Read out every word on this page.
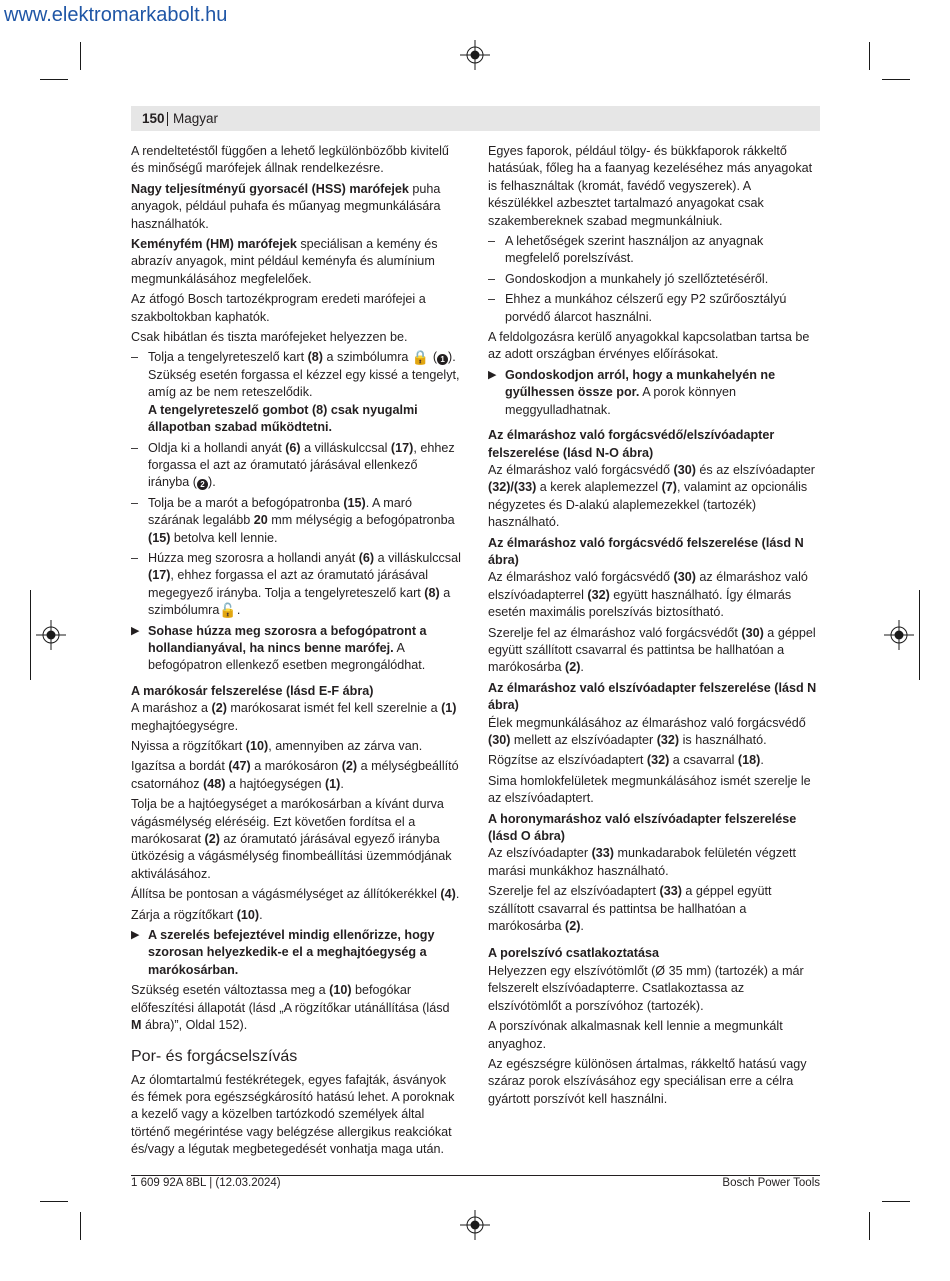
www.elektromarkabolt.hu
150 Magyar

A rendeltetéstől függően a lehető legkülönbözőbb kivitelű és minőségű marófejek állnak rendelkezésre.

Nagy teljesítményű gyorsacél (HSS) marófejek puha anyagok, például puhafa és műanyag megmunkálására használhatók.

Keményfém (HM) marófejek speciálisan a kemény és abrazív anyagok, mint például keményfa és alumínium megmunkálásához megfelelőek.

Az átfogó Bosch tartozékprogram eredeti marófejei a szakboltokban kaphatók.

Csak hibátlan és tiszta marófejeket helyezzen be.

– Tolja a tengelyreteszelő kart (8) a szimbólumra 🔒 ( 1 ). Szükség esetén forgassa el kézzel egy kissé a tengelyt, amíg az be nem reteszelődik.
A tengelyreteszelő gombot (8) csak nyugalmi állapotban szabad működtetni.
– Oldja ki a hollandi anyát (6) a villáskulccsal (17), ehhez forgassa el azt az óramutató járásával ellenkező irányba ( 2 ).
– Tolja be a marót a befogópatronba (15). A maró szárának legalább 20 mm mélységig a befogópatronba (15) betolva kell lennie.
– Húzza meg szorosra a hollandi anyát (6) a villáskulccsal (17), ehhez forgassa el azt az óramutató járásával megegyező irányba. Tolja a tengelyreteszelő kart (8) a szimbólumra🔓.
▶ Sohase húzza meg szorosra a befogópatront a hollandianyával, ha nincs benne marófej. A befogópatron ellenkező esetben megrongálódhat.
A marókosár felszerelése (lásd E-F ábra)

A maráshoz a (2) marókosarat ismét fel kell szerelnie a (1) meghajtóegységre.

Nyissa a rögzítőkart (10), amennyiben az zárva van.

Igazítsa a bordát (47) a marókosáron (2) a mélységbeállító csatornához (48) a hajtóegységen (1).

Tolja be a hajtóegységet a marókosárban a kívánt durva vágásmélység eléréséig. Ezt követően fordítsa el a marókosarat (2) az óramutató járásával egyező irányba ütközésig a vágásmélység finombeállítási üzemmódjának aktiválásához.

Állítsa be pontosan a vágásmélységet az állítókerékkel (4).

Zárja a rögzítőkart (10).

▶ A szerelés befejeztével mindig ellenőrizze, hogy szorosan helyezkedik-e el a meghajtóegység a marókosárban.

Szükség esetén változtassa meg a (10) befogókar előfeszítési állapotát (lásd „A rögzítőkar utánállítása (lásd M ábra)”, Oldal 152).

Por- és forgácselszívás

Az ólomtartalmú festékrétegek, egyes fafajták, ásványok és fémek pora egészségkárosító hatású lehet. A poroknak a kezelő vagy a közelben tartózkodó személyek által történő megérintése vagy belégzése allergikus reakciókat és/vagy a légutak megbetegedését vonhatja maga után.

Egyes faporok, például tölgy- és bükkfaporok rákkeltő hatásúak, főleg ha a faanyag kezeléséhez más anyagokat is felhasználtak (kromát, favédő vegyszerek). A készülékkel azbesztet tartalmazó anyagokat csak szakembereknek szabad megmunkálniuk.

– A lehetőségek szerint használjon az anyagnak megfelelő porelszívást.
– Gondoskodjon a munkahely jó szellőztetéséről.
– Ehhez a munkához célszerű egy P2 szűrőosztályú porvédő álarcot használni.

A feldolgozásra kerülő anyagokkal kapcsolatban tartsa be az adott országban érvényes előírásokat.

▶ Gondoskodjon arról, hogy a munkahelyén ne gyűlhessen össze por. A porok könnyen meggyulladhatnak.
Az élmaráshoz való forgácsvédő/elszívóadapter felszerelése (lásd N-O ábra)

Az élmaráshoz való forgácsvédő (30) és az elszívóadapter (32)/(33) a kerek alaplemezzel (7), valamint az opcionális négyzetes és D-alakú alaplemezekkel (tartozék) használható.

Az élmaráshoz való forgácsvédő felszerelése (lásd N ábra)

Az élmaráshoz való forgácsvédő (30) az élmaráshoz való elszívóadapterrel (32) együtt használható. Így élmarás esetén maximális porelszívás biztosítható.

Szerelje fel az élmaráshoz való forgácsvédőt (30) a géppel együtt szállított csavarral és pattintsa be hallhatóan a marókosárba (2).

Az élmaráshoz való elszívóadapter felszerelése (lásd N ábra)

Élek megmunkálásához az élmaráshoz való forgácsvédő (30) mellett az elszívóadapter (32) is használható.

Rögzítse az elszívóadaptert (32) a csavarral (18).

Sima homlokfelületek megmunkálásához ismét szerelje le az elszívóadaptert.

A horonymaráshoz való elszívóadapter felszerelése (lásd O ábra)

Az elszívóadapter (33) munkadarabok felületén végzett marási munkákhoz használható.

Szerelje fel az elszívóadaptert (33) a géppel együtt szállított csavarral és pattintsa be hallhatóan a marókosárba (2).

A porelszívó csatlakoztatása

Helyezzen egy elszívótömlőt (Ø 35 mm) (tartozék) a már felszerelt elszívóadapterre. Csatlakoztassa az elszívótömlőt a porszívóhoz (tartozék).

A porszívónak alkalmasnak kell lennie a megmunkált anyaghoz.

Az egészségre különösen ártalmas, rákkeltő hatású vagy száraz porok elszívásához egy speciálisan erre a célra gyártott porszívót kell használni.

1 609 92A 8BL | (12.03.2024)	Bosch Power Tools
